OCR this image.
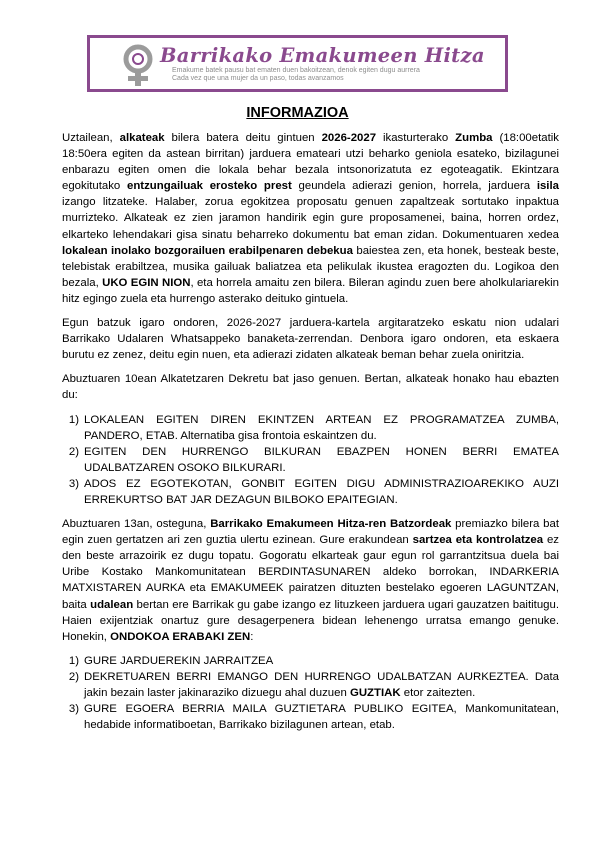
Barrikako Emakumeen Hitza
Emakume batek pausu bat ematen duen bakoitzean, denok egiten dugu aurrera
Cada vez que una mujer da un paso, todas avanzamos
INFORMAZIOA

Uztailean, alkateak bilera batera deitu gintuen 2026-2027 ikasturterako Zumba (18:00etatik 18:50era egiten da astean birritan) jarduera emateari utzi beharko geniola esateko, bizilagunei enbarazu egiten omen die lokala behar bezala intsonorizatuta ez egoteagatik. Ekintzara egokitutako entzungailuak erosteko prest geundela adierazi genion, horrela, jarduera isila izango litzateke. Halaber, zorua egokitzea proposatu genuen zapaltzeak sortutako inpaktua murrizteko. Alkateak ez zien jaramon handirik egin gure proposamenei, baina, horren ordez, elkarteko lehendakari gisa sinatu beharreko dokumentu bat eman zidan. Dokumentuaren xedea lokalean inolako bozgorailuen erabilpenaren debekua baiestea zen, eta honek, besteak beste, telebistak erabiltzea, musika gailuak baliatzea eta pelikulak ikustea eragozten du. Logikoa den bezala, UKO EGIN NION, eta horrela amaitu zen bilera. Bileran agindu zuen bere aholkulariarekin hitz egingo zuela eta hurrengo asterako deituko gintuela.

Egun batzuk igaro ondoren, 2026-2027 jarduera-kartela argitaratzeko eskatu nion udalari Barrikako Udalaren Whatsappeko banaketa-zerrendan. Denbora igaro ondoren, eta eskaera burutu ez zenez, deitu egin nuen, eta adierazi zidaten alkateak beman behar zuela oniritzia.

Abuztuaren 10ean Alkatetzaren Dekretu bat jaso genuen. Bertan, alkateak honako hau ebazten du:

1) LOKALEAN EGITEN DIREN EKINTZEN ARTEAN EZ PROGRAMATZEA ZUMBA, PANDERO, ETAB. Alternatiba gisa frontoia eskaintzen du.
2) EGITEN DEN HURRENGO BILKURAN EBAZPEN HONEN BERRI EMATEA UDALBATZAREN OSOKO BILKURARI.
3) ADOS EZ EGOTEKOTAN, GONBIT EGITEN DIGU ADMINISTRAZIOAREKIKO AUZI ERREKURTSO BAT JAR DEZAGUN BILBOKO EPAITEGIAN.

Abuztuaren 13an, osteguna, Barrikako Emakumeen Hitza-ren Batzordeak premiazko bilera bat egin zuen gertatzen ari zen guztia ulertu ezinean. Gure erakundean sartzea eta kontrolatzea ez den beste arrazoirik ez dugu topatu. Gogoratu elkarteak gaur egun rol garrantzitsua duela bai Uribe Kostako Mankomunitatean BERDINTASUNAREN aldeko borrokan, INDARKERIA MATXISTAREN AURKA eta EMAKUMEEK pairatzen dituzten bestelako egoeren LAGUNTZAN, baita udalean bertan ere Barrikak gu gabe izango ez lituzkeen jarduera ugari gauzatzen baititugu. Haien exijentziak onartuz gure desagerpenera bidean lehenengo urratsa emango genuke. Honekin, ONDOKOA ERABAKI ZEN:

1) GURE JARDUEREKIN JARRAITZEA
2) DEKRETUAREN BERRI EMANGO DEN HURRENGO UDALBATZAN AURKEZTEA. Data jakin bezain laster jakinaraziko dizuegu ahal duzuen GUZTIAK etor zaitezten.
3) GURE EGOERA BERRIA MAILA GUZTIETARA PUBLIKO EGITEA, Mankomunitatean, hedabide informatiboetan, Barrikako bizilagunen artean, etab.
